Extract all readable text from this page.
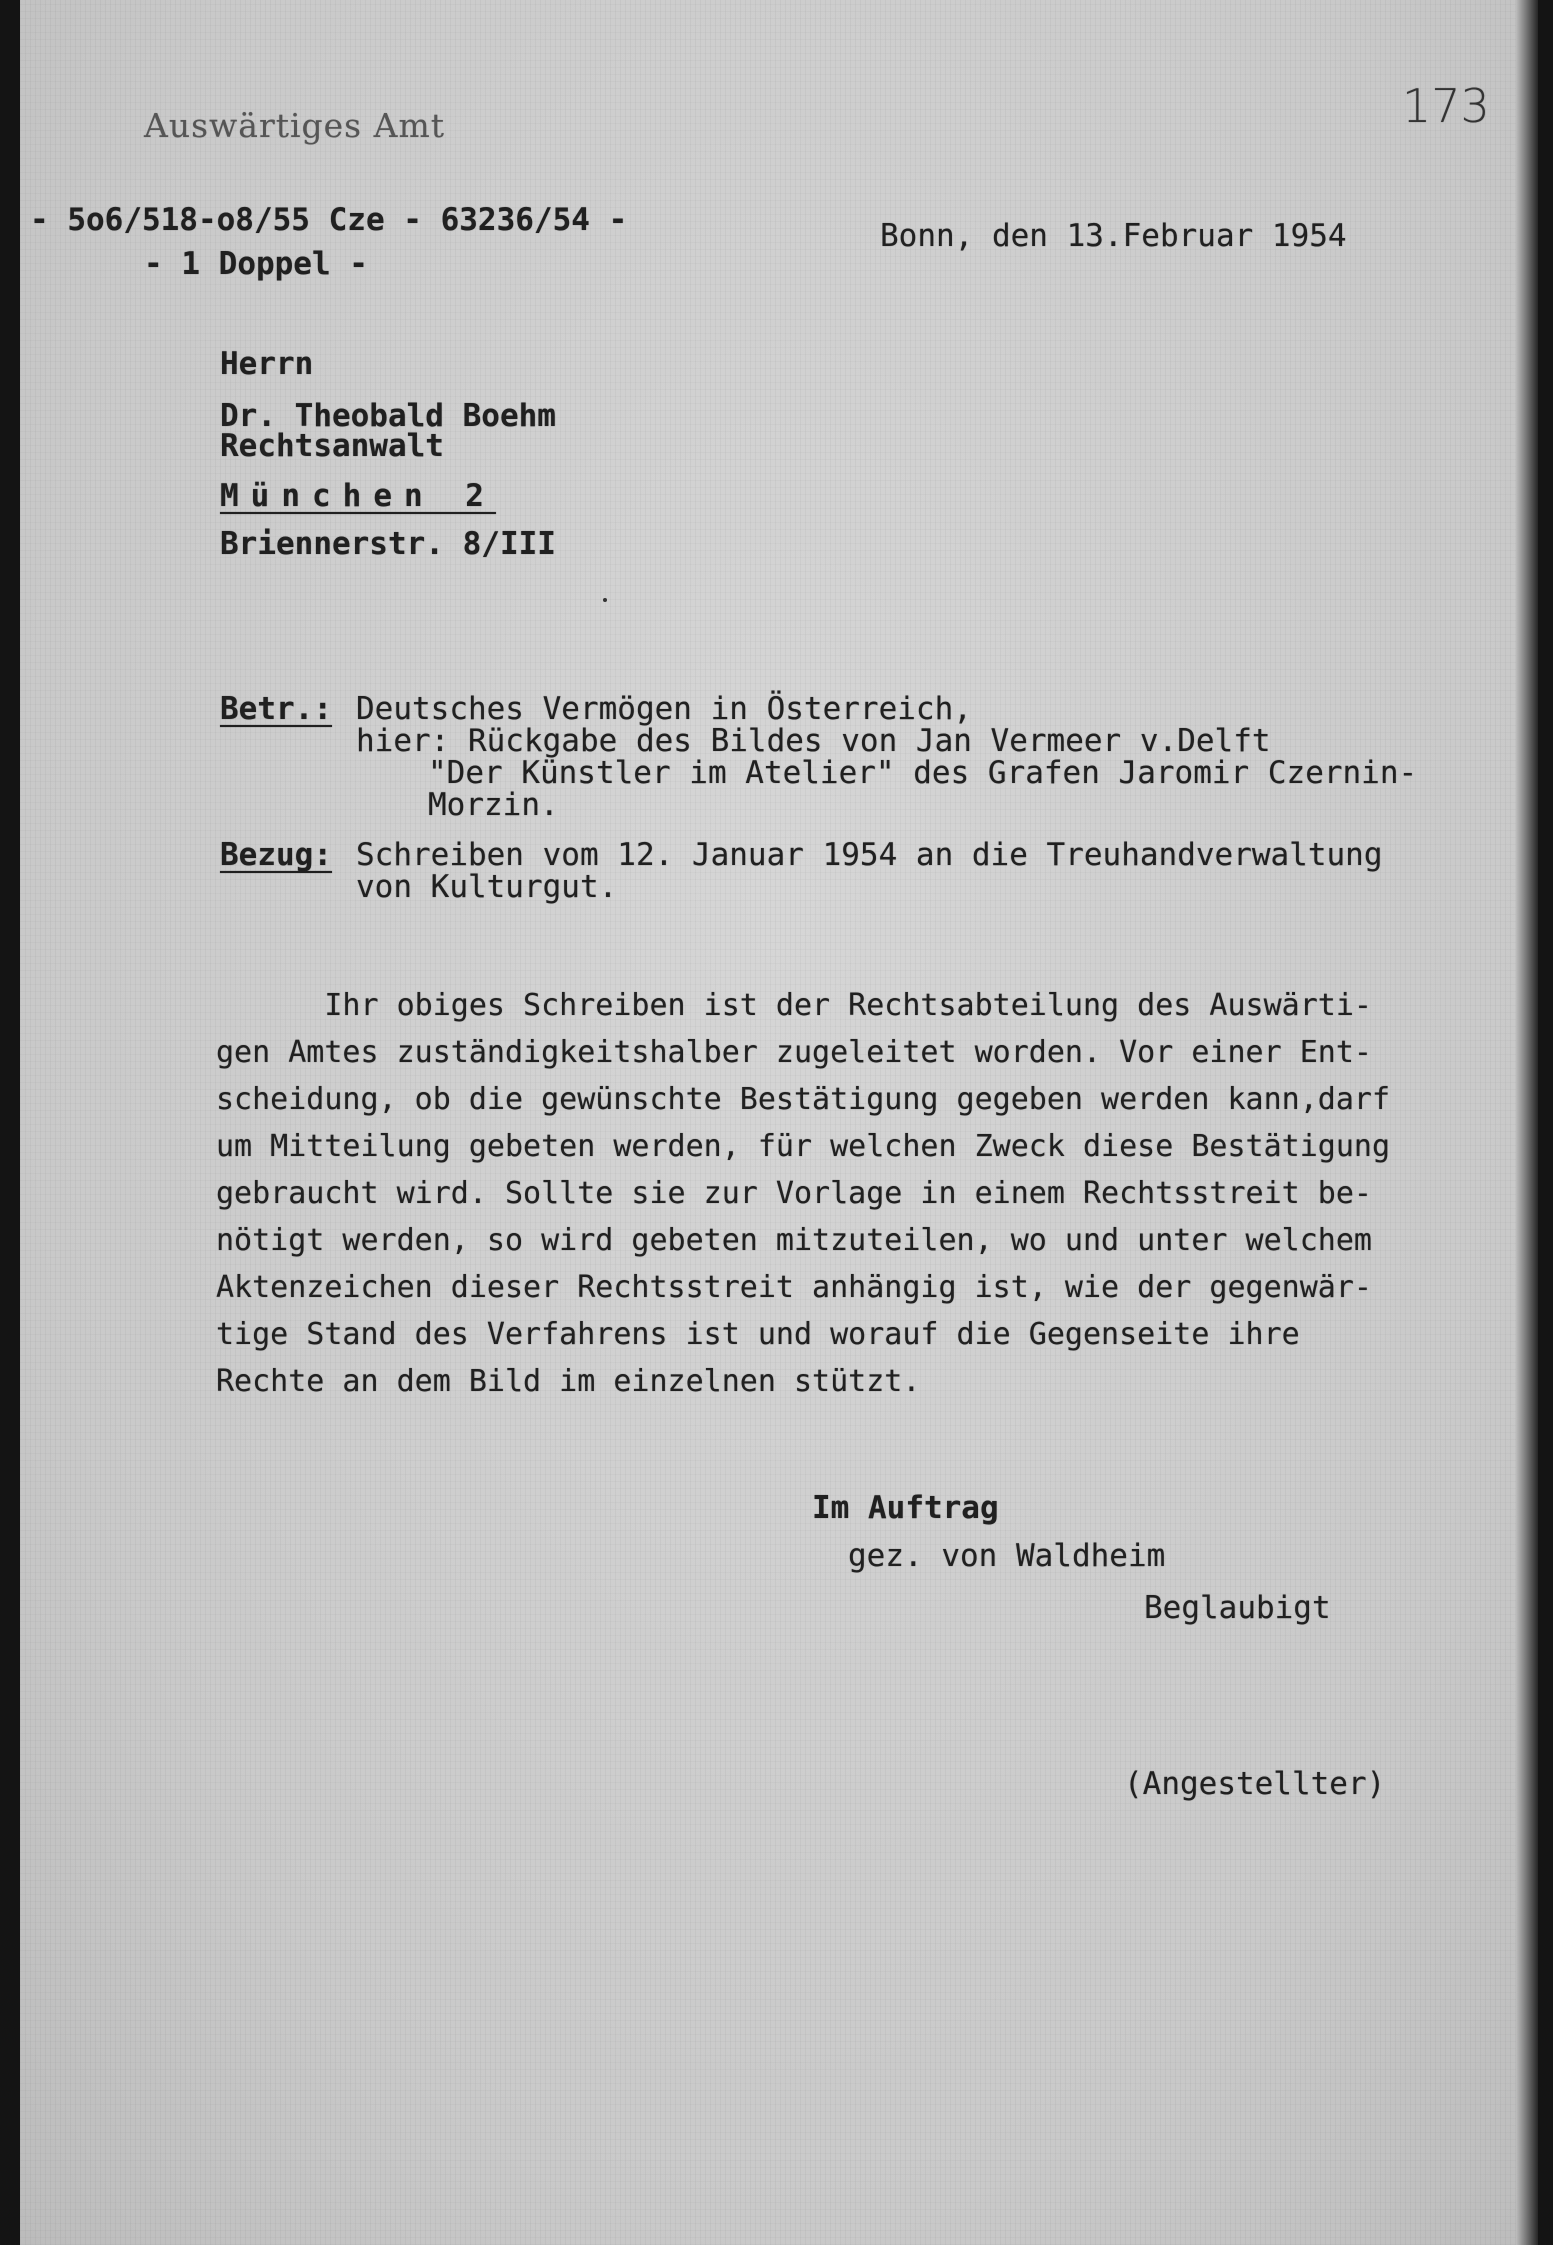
Auswärtiges Amt	173
- 5o6/518-o8/55 Cze - 63236/54 -
- 1 Doppel -
Bonn, den 13.Februar 1954
Herrn
Dr. Theobald Boehm
Rechtsanwalt
München 2
Briennerstr. 8/III
Betr.: Deutsches Vermögen in Österreich,
hier: Rückgabe des Bildes von Jan Vermeer v.Delft
"Der Künstler im Atelier" des Grafen Jaromir Czernin-
Morzin.
Bezug: Schreiben vom 12. Januar 1954 an die Treuhandverwaltung
von Kulturgut.
Ihr obiges Schreiben ist der Rechtsabteilung des Auswärti-
gen Amtes zuständigkeitshalber zugeleitet worden. Vor einer Ent-
scheidung, ob die gewünschte Bestätigung gegeben werden kann,darf
um Mitteilung gebeten werden, für welchen Zweck diese Bestätigung
gebraucht wird. Sollte sie zur Vorlage in einem Rechtsstreit be-
nötigt werden, so wird gebeten mitzuteilen, wo und unter welchem
Aktenzeichen dieser Rechtsstreit anhängig ist, wie der gegenwär-
tige Stand des Verfahrens ist und worauf die Gegenseite ihre
Rechte an dem Bild im einzelnen stützt.
Im Auftrag
gez. von Waldheim
Beglaubigt
(Angestellter)
